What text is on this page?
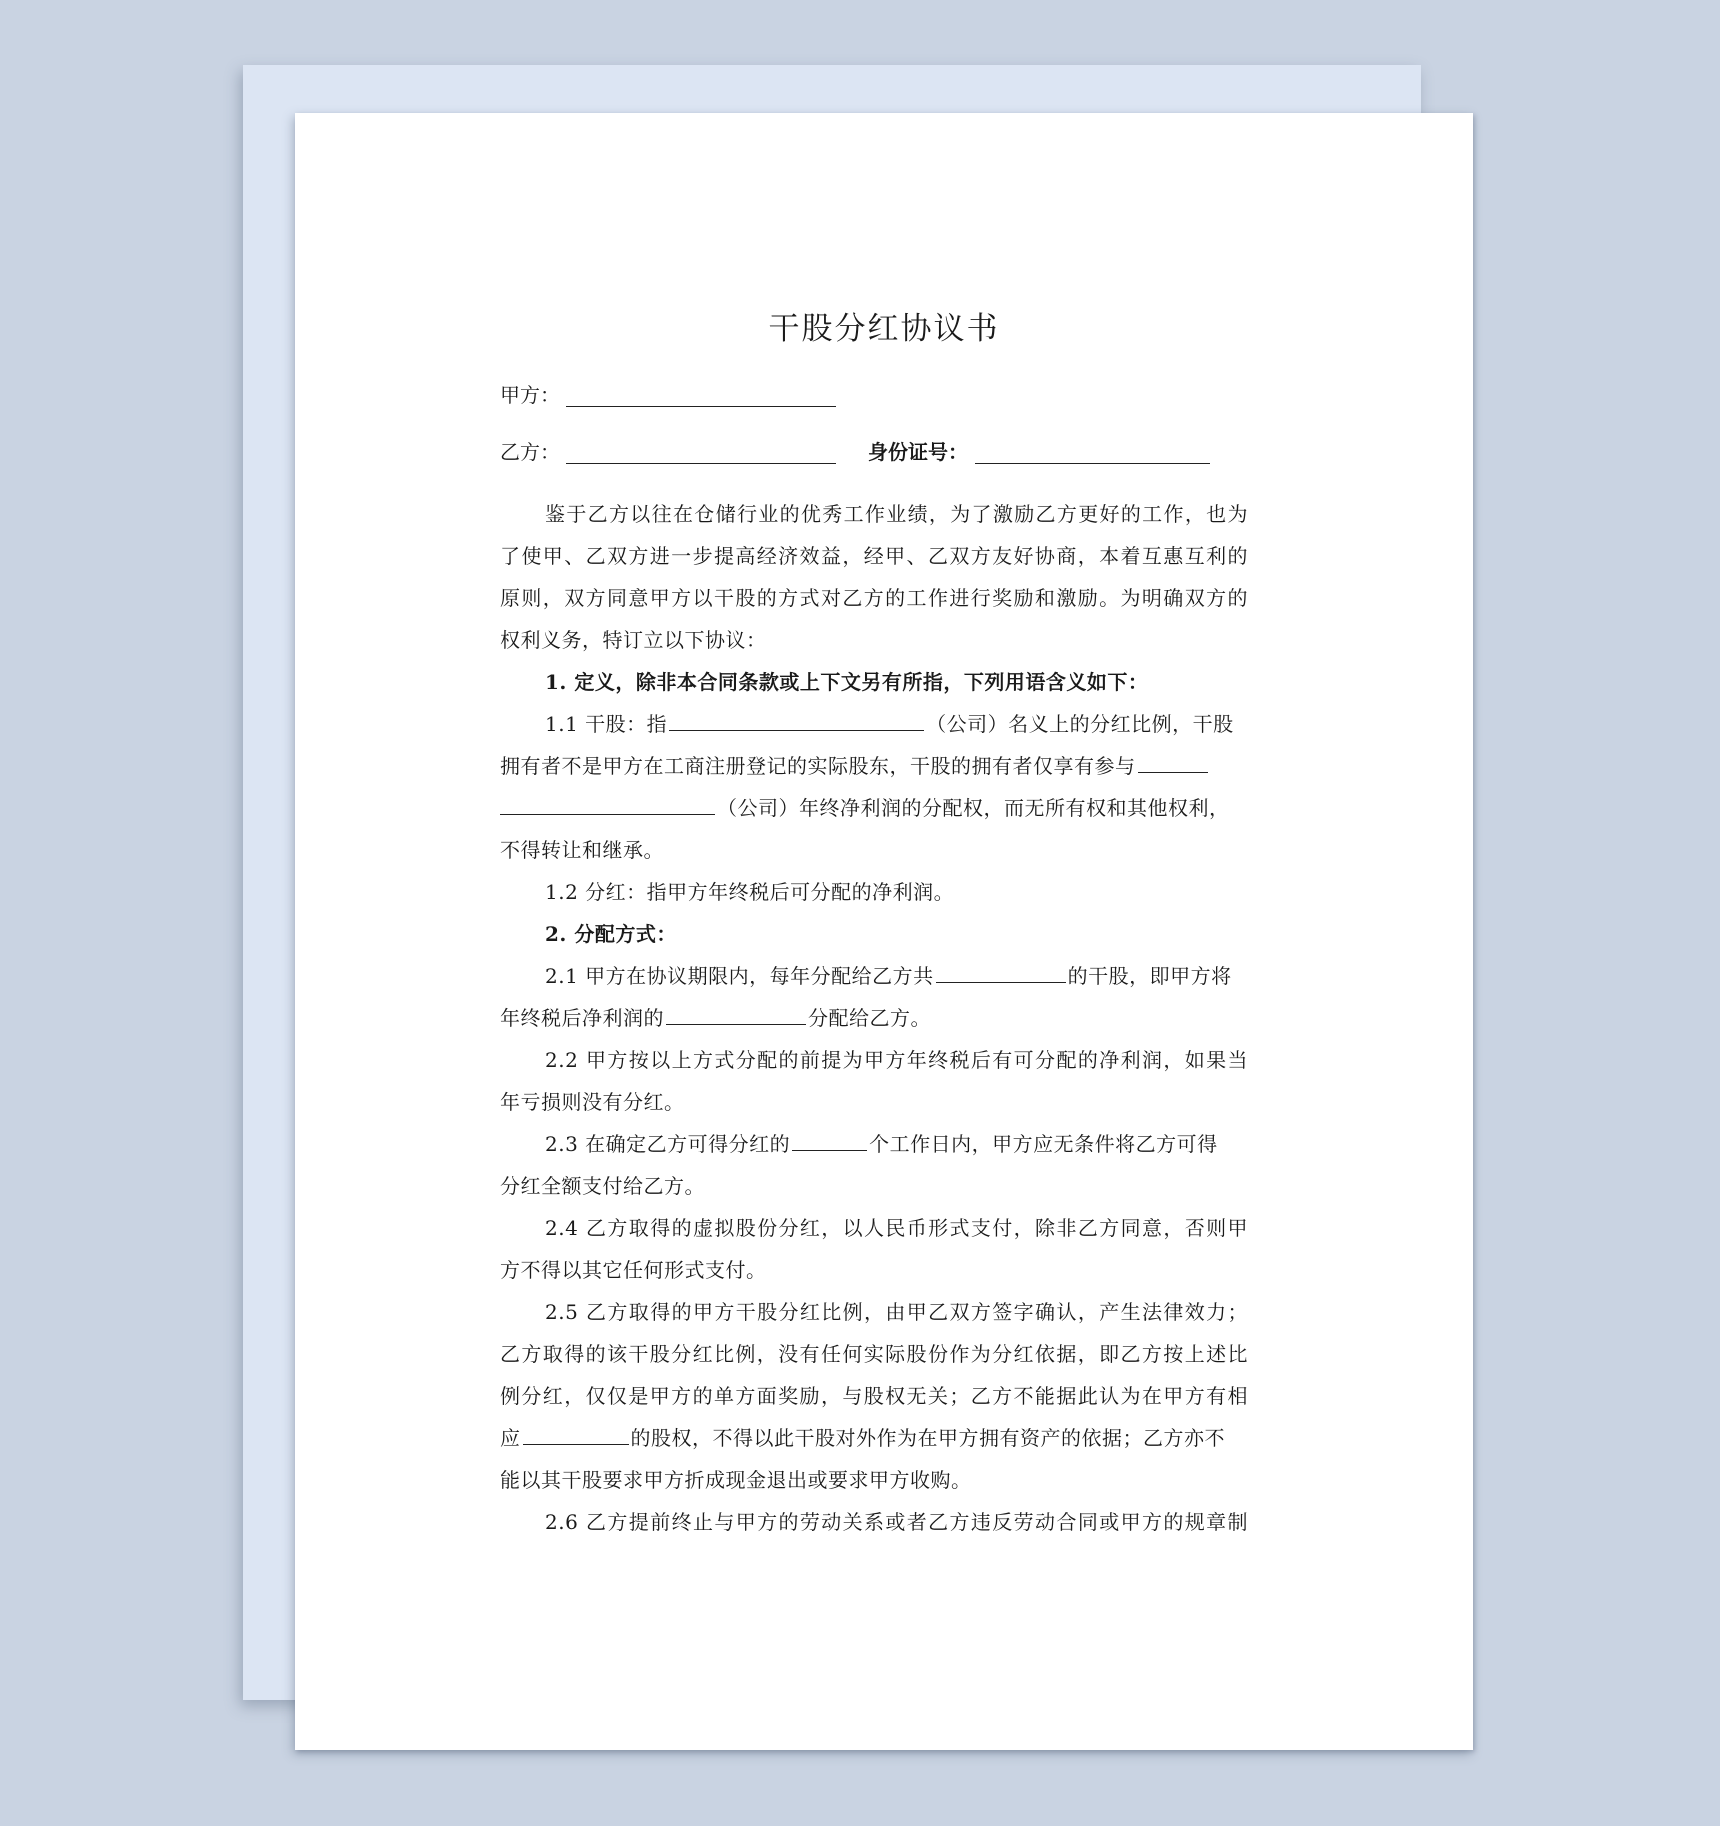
干股分红协议书
甲方：
乙方：	身份证号：
鉴于乙方以往在仓储行业的优秀工作业绩，为了激励乙方更好的工作，也为
了使甲、乙双方进一步提高经济效益，经甲、乙双方友好协商，本着互惠互利的
原则，双方同意甲方以干股的方式对乙方的工作进行奖励和激励。为明确双方的
权利义务，特订立以下协议：
1. 定义，除非本合同条款或上下文另有所指，下列用语含义如下：
1.1 干股：指	（公司）名义上的分红比例，干股
拥有者不是甲方在工商注册登记的实际股东，干股的拥有者仅享有参与
（公司）年终净利润的分配权，而无所有权和其他权利，
不得转让和继承。
1.2 分红：指甲方年终税后可分配的净利润。
2. 分配方式：
2.1 甲方在协议期限内，每年分配给乙方共	的干股，即甲方将
年终税后净利润的	分配给乙方。
2.2 甲方按以上方式分配的前提为甲方年终税后有可分配的净利润，如果当
年亏损则没有分红。
2.3 在确定乙方可得分红的	个工作日内，甲方应无条件将乙方可得
分红全额支付给乙方。
2.4 乙方取得的虚拟股份分红，以人民币形式支付，除非乙方同意，否则甲
方不得以其它任何形式支付。
2.5 乙方取得的甲方干股分红比例，由甲乙双方签字确认，产生法律效力；
乙方取得的该干股分红比例，没有任何实际股份作为分红依据，即乙方按上述比
例分红，仅仅是甲方的单方面奖励，与股权无关；乙方不能据此认为在甲方有相
应	的股权，不得以此干股对外作为在甲方拥有资产的依据；乙方亦不
能以其干股要求甲方折成现金退出或要求甲方收购。
2.6 乙方提前终止与甲方的劳动关系或者乙方违反劳动合同或甲方的规章制
